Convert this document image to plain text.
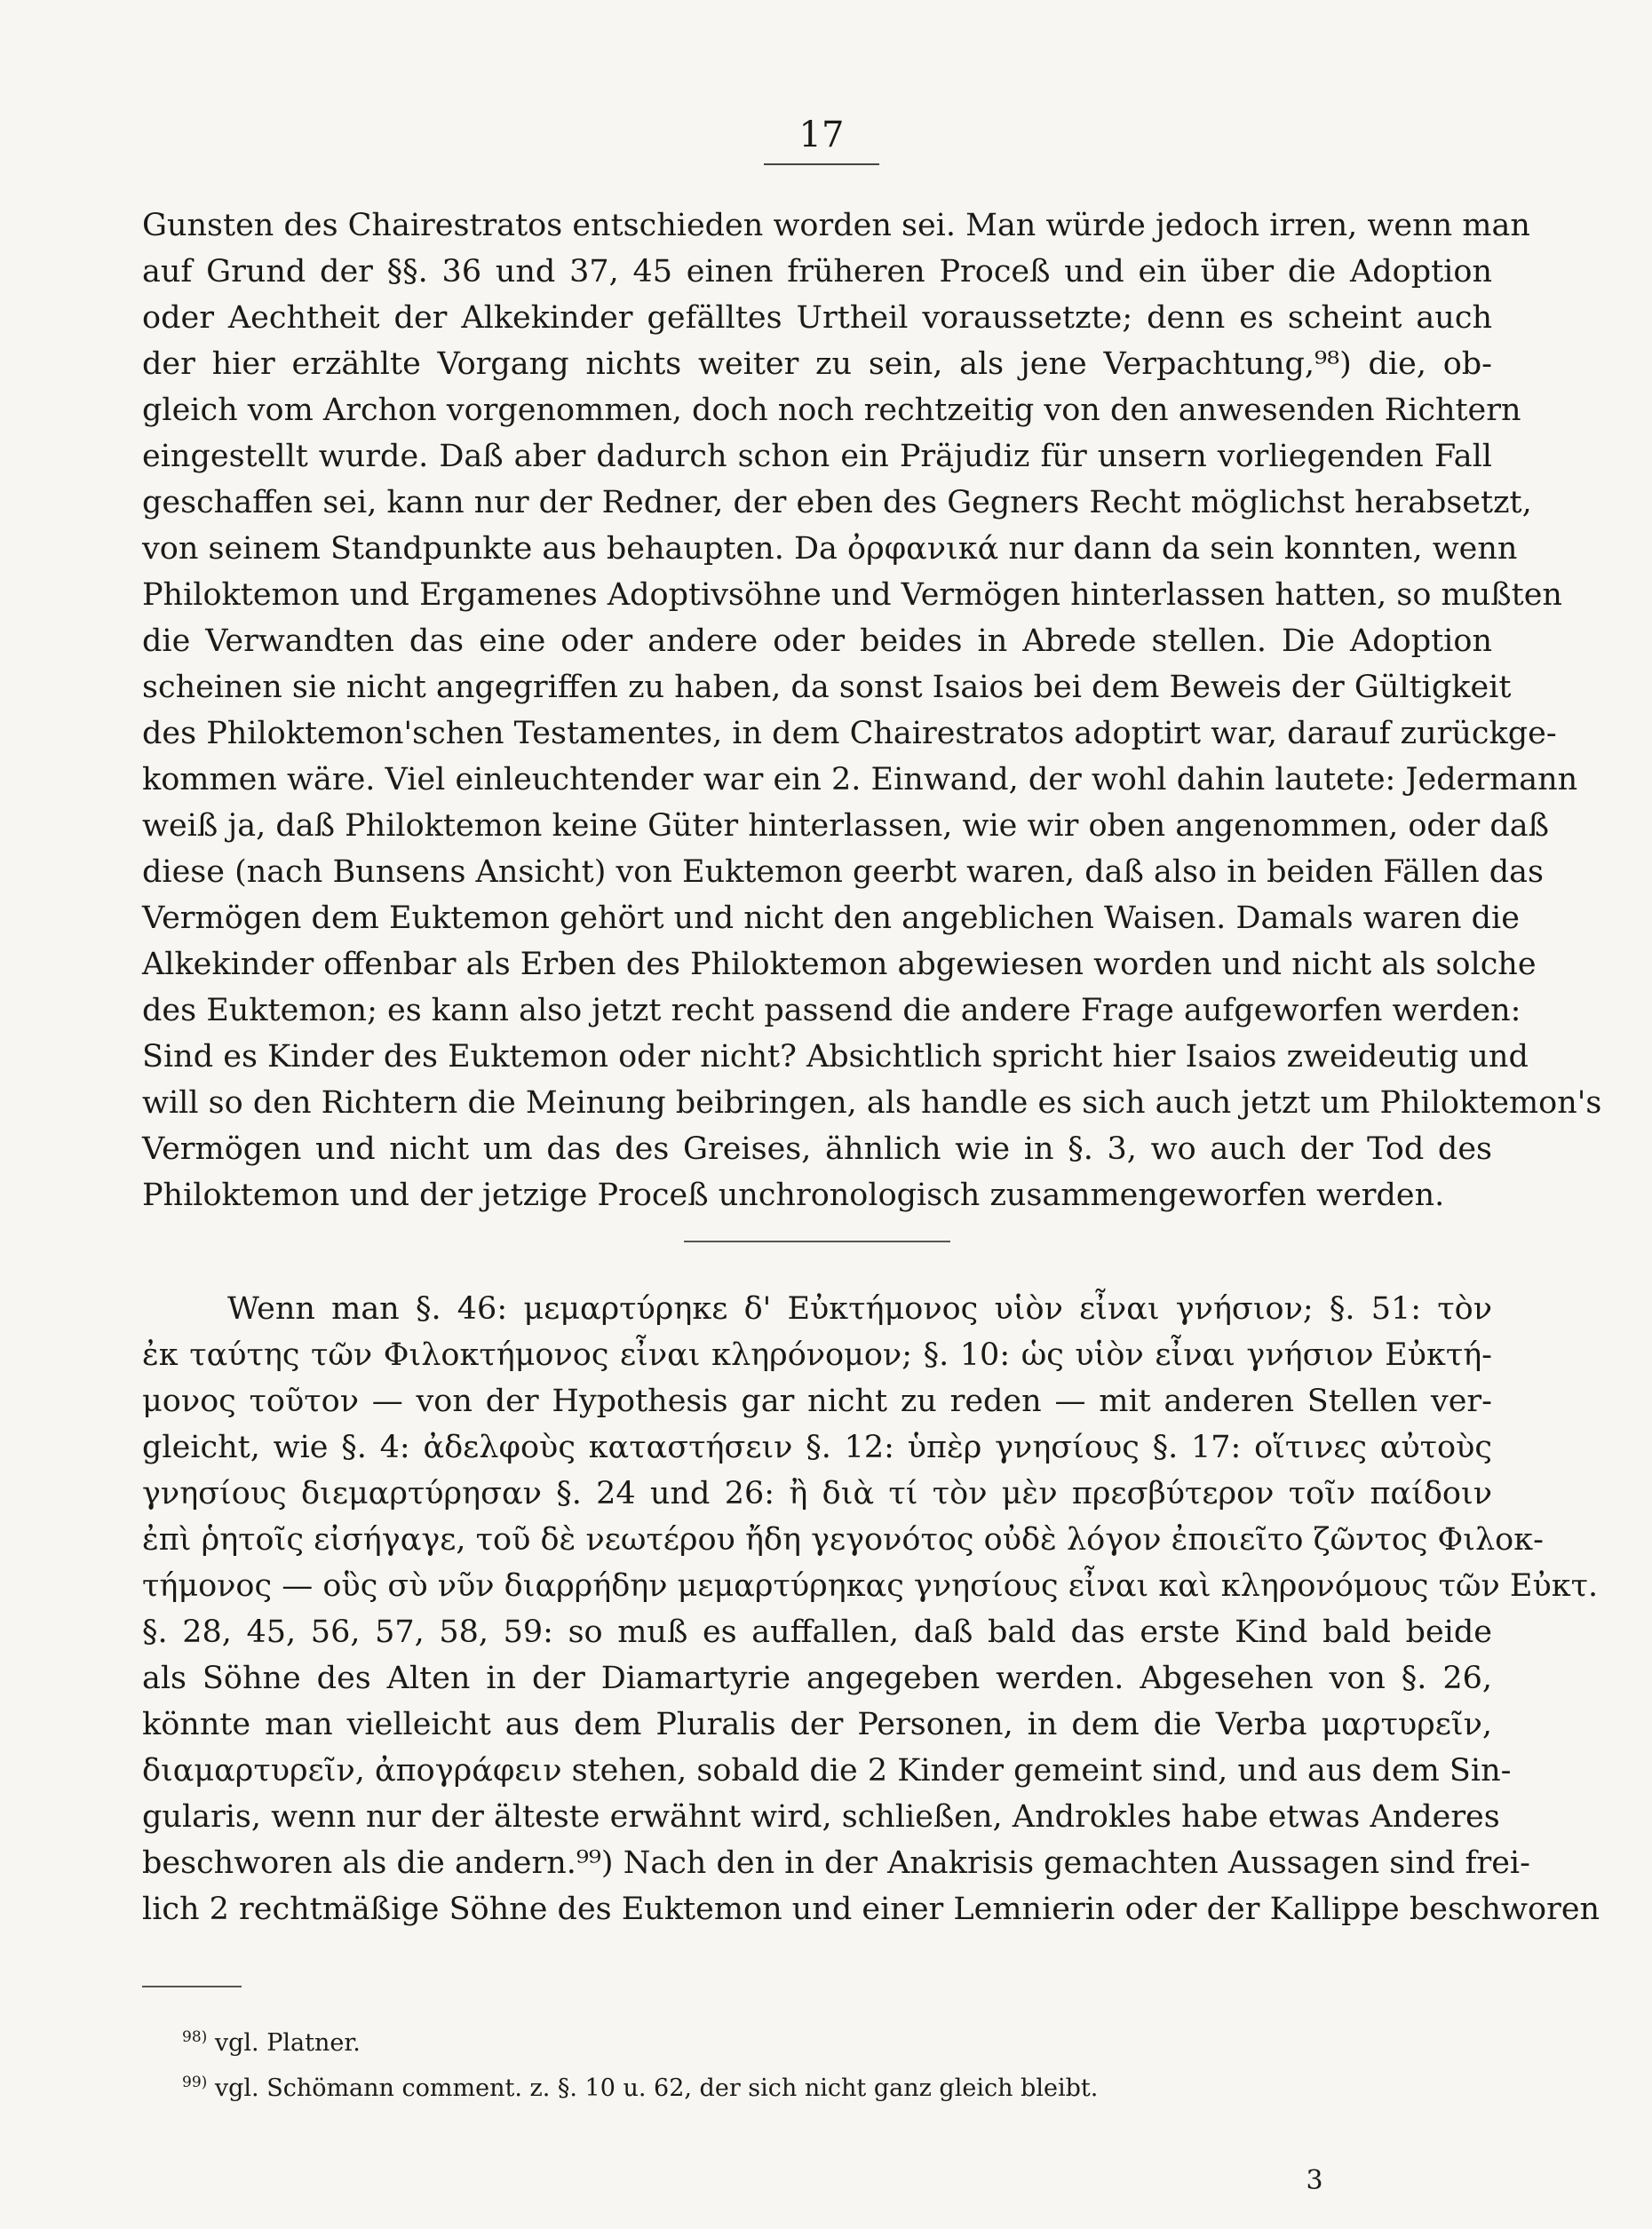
17
Gunsten des Chairestratos entschieden worden sei. Man würde jedoch irren, wenn man
auf Grund der §§. 36 und 37, 45 einen früheren Proceß und ein über die Adoption
oder Aechtheit der Alkekinder gefälltes Urtheil voraussetzte; denn es scheint auch
der hier erzählte Vorgang nichts weiter zu sein, als jene Verpachtung,⁹⁸) die, ob-
gleich vom Archon vorgenommen, doch noch rechtzeitig von den anwesenden Richtern
eingestellt wurde. Daß aber dadurch schon ein Präjudiz für unsern vorliegenden Fall
geschaffen sei, kann nur der Redner, der eben des Gegners Recht möglichst herabsetzt,
von seinem Standpunkte aus behaupten. Da ὀρφανικά nur dann da sein konnten, wenn
Philoktemon und Ergamenes Adoptivsöhne und Vermögen hinterlassen hatten, so mußten
die Verwandten das eine oder andere oder beides in Abrede stellen. Die Adoption
scheinen sie nicht angegriffen zu haben, da sonst Isaios bei dem Beweis der Gültigkeit
des Philoktemon'schen Testamentes, in dem Chairestratos adoptirt war, darauf zurückge-
kommen wäre. Viel einleuchtender war ein 2. Einwand, der wohl dahin lautete: Jedermann
weiß ja, daß Philoktemon keine Güter hinterlassen, wie wir oben angenommen, oder daß
diese (nach Bunsens Ansicht) von Euktemon geerbt waren, daß also in beiden Fällen das
Vermögen dem Euktemon gehört und nicht den angeblichen Waisen. Damals waren die
Alkekinder offenbar als Erben des Philoktemon abgewiesen worden und nicht als solche
des Euktemon; es kann also jetzt recht passend die andere Frage aufgeworfen werden:
Sind es Kinder des Euktemon oder nicht? Absichtlich spricht hier Isaios zweideutig und
will so den Richtern die Meinung beibringen, als handle es sich auch jetzt um Philoktemon's
Vermögen und nicht um das des Greises, ähnlich wie in §. 3, wo auch der Tod des
Philoktemon und der jetzige Proceß unchronologisch zusammengeworfen werden.
Wenn man §. 46: μεμαρτύρηκε δ' Εὐκτήμονος υἱὸν εἶναι γνήσιον; §. 51: τὸν
ἐκ ταύτης τῶν Φιλοκτήμονος εἶναι κληρόνομον; §. 10: ὡς υἱὸν εἶναι γνήσιον Εὐκτή-
μονος τοῦτον — von der Hypothesis gar nicht zu reden — mit anderen Stellen ver-
gleicht, wie §. 4: ἀδελφοὺς καταστήσειν §. 12: ὑπὲρ γνησίους §. 17: οἵτινες αὐτοὺς
γνησίους διεμαρτύρησαν §. 24 und 26: ἢ διὰ τί τὸν μὲν πρεσβύτερον τοῖν παίδοιν
ἐπὶ ῥητοῖς εἰσήγαγε, τοῦ δὲ νεωτέρου ἤδη γεγονότος οὐδὲ λόγον ἐποιεῖτο ζῶντος Φιλοκ-
τήμονος — οὓς σὺ νῦν διαρρήδην μεμαρτύρηκας γνησίους εἶναι καὶ κληρονόμους τῶν Εὐκτ.
§. 28, 45, 56, 57, 58, 59: so muß es auffallen, daß bald das erste Kind bald beide
als Söhne des Alten in der Diamartyrie angegeben werden. Abgesehen von §. 26,
könnte man vielleicht aus dem Pluralis der Personen, in dem die Verba μαρτυρεῖν,
διαμαρτυρεῖν, ἀπογράφειν stehen, sobald die 2 Kinder gemeint sind, und aus dem Sin-
gularis, wenn nur der älteste erwähnt wird, schließen, Androkles habe etwas Anderes
beschworen als die andern.⁹⁹) Nach den in der Anakrisis gemachten Aussagen sind frei-
lich 2 rechtmäßige Söhne des Euktemon und einer Lemnierin oder der Kallippe beschworen
$^{98)}$ vgl. Platner.
$^{99)}$ vgl. Schömann comment. z. §. 10 u. 62, der sich nicht ganz gleich bleibt.
3
